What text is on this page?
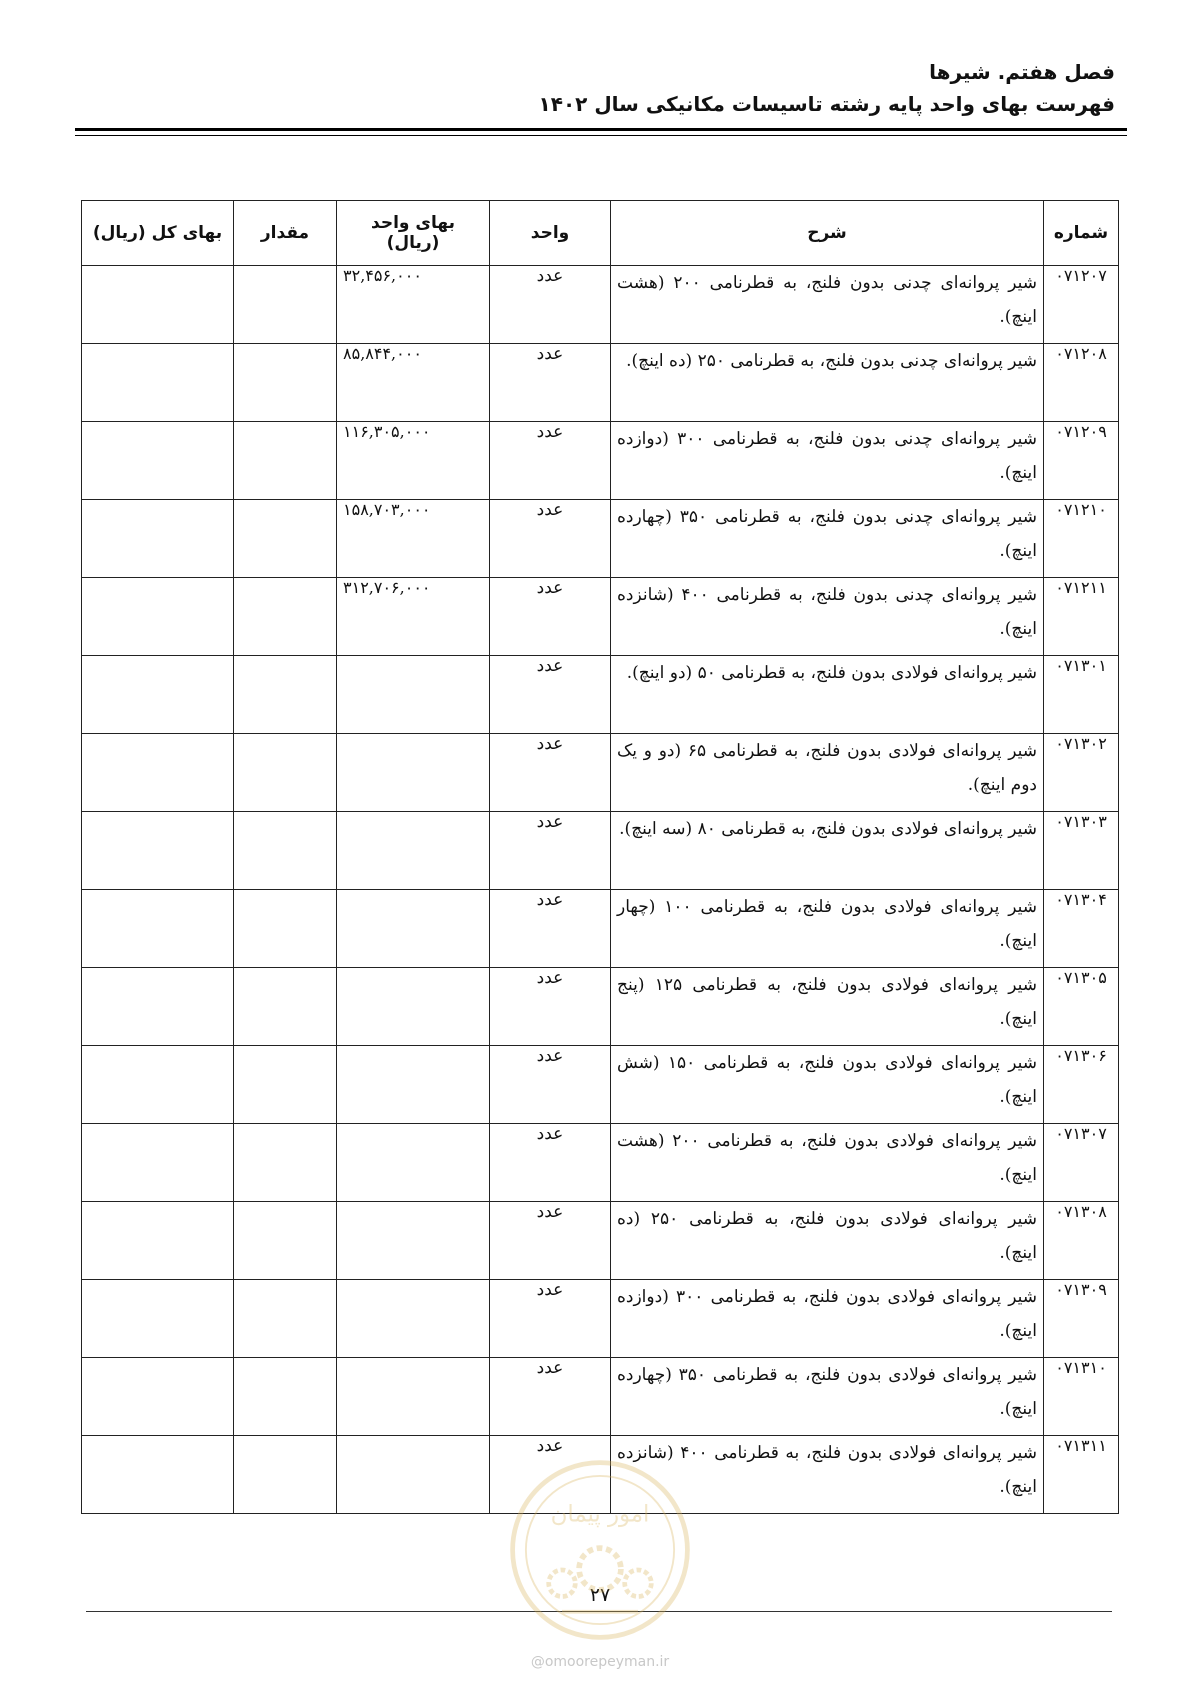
فصل هفتم. شیرها
فهرست بهای واحد پایه رشته تاسیسات مکانیکی سال ۱۴۰۲
شماره	شرح	واحد	بهای واحد (ریال)	مقدار	بهای کل (ریال)
۰۷۱۲۰۷	شیر پروانه‌ای چدنی بدون فلنج، به قطرنامی ۲۰۰ (هشت اینچ).	عدد	۳۲,۴۵۶,۰۰۰		
۰۷۱۲۰۸	شیر پروانه‌ای چدنی بدون فلنج، به قطرنامی ۲۵۰ (ده اینچ).	عدد	۸۵,۸۴۴,۰۰۰		
۰۷۱۲۰۹	شیر پروانه‌ای چدنی بدون فلنج، به قطرنامی ۳۰۰ (دوازده اینچ).	عدد	۱۱۶,۳۰۵,۰۰۰		
۰۷۱۲۱۰	شیر پروانه‌ای چدنی بدون فلنج، به قطرنامی ۳۵۰ (چهارده اینچ).	عدد	۱۵۸,۷۰۳,۰۰۰		
۰۷۱۲۱۱	شیر پروانه‌ای چدنی بدون فلنج، به قطرنامی ۴۰۰ (شانزده اینچ).	عدد	۳۱۲,۷۰۶,۰۰۰		
۰۷۱۳۰۱	شیر پروانه‌ای فولادی بدون فلنج، به قطرنامی ۵۰ (دو اینچ).	عدد			
۰۷۱۳۰۲	شیر پروانه‌ای فولادی بدون فلنج، به قطرنامی ۶۵ (دو و یک دوم اینچ).	عدد			
۰۷۱۳۰۳	شیر پروانه‌ای فولادی بدون فلنج، به قطرنامی ۸۰ (سه اینچ).	عدد			
۰۷۱۳۰۴	شیر پروانه‌ای فولادی بدون فلنج، به قطرنامی ۱۰۰ (چهار اینچ).	عدد			
۰۷۱۳۰۵	شیر پروانه‌ای فولادی بدون فلنج، به قطرنامی ۱۲۵ (پنج اینچ).	عدد			
۰۷۱۳۰۶	شیر پروانه‌ای فولادی بدون فلنج، به قطرنامی ۱۵۰ (شش اینچ).	عدد			
۰۷۱۳۰۷	شیر پروانه‌ای فولادی بدون فلنج، به قطرنامی ۲۰۰ (هشت اینچ).	عدد			
۰۷۱۳۰۸	شیر پروانه‌ای فولادی بدون فلنج، به قطرنامی ۲۵۰ (ده اینچ).	عدد			
۰۷۱۳۰۹	شیر پروانه‌ای فولادی بدون فلنج، به قطرنامی ۳۰۰ (دوازده اینچ).	عدد			
۰۷۱۳۱۰	شیر پروانه‌ای فولادی بدون فلنج، به قطرنامی ۳۵۰ (چهارده اینچ).	عدد			
۰۷۱۳۱۱	شیر پروانه‌ای فولادی بدون فلنج، به قطرنامی ۴۰۰ (شانزده اینچ).	عدد			
۲۷
@omoorepeyman.ir
امور پیمان
